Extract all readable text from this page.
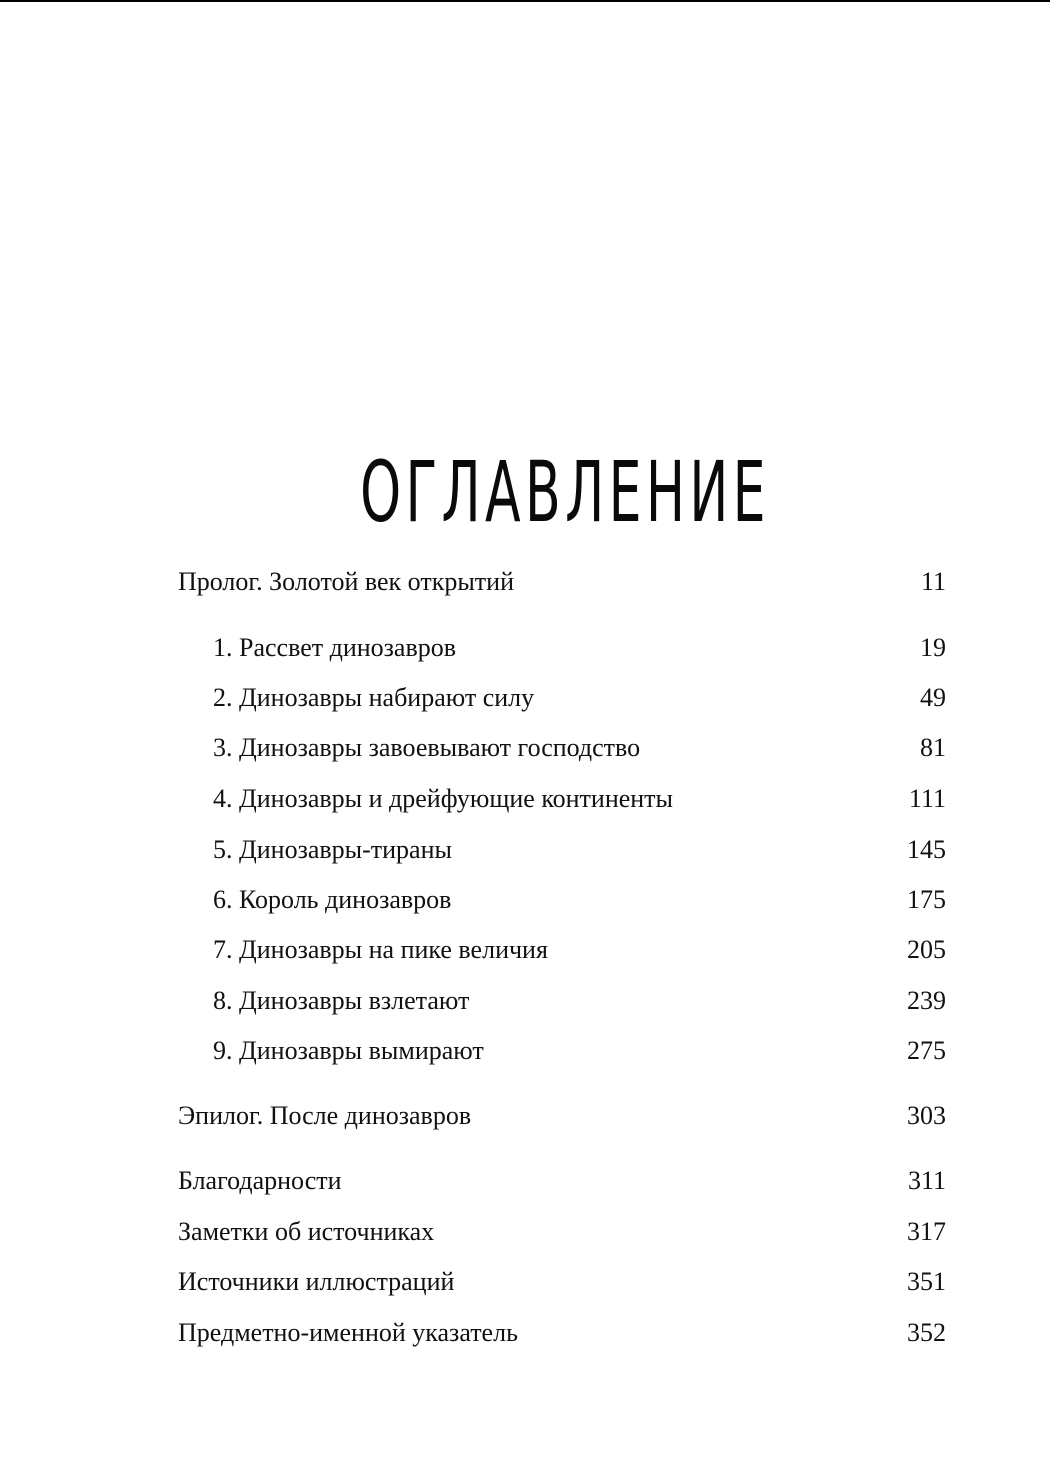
ОГЛАВЛЕНИЕ
Пролог. Золотой век открытий	11
1. Рассвет динозавров	19
2. Динозавры набирают силу	49
3. Динозавры завоевывают господство	81
4. Динозавры и дрейфующие континенты	111
5. Динозавры-тираны	145
6. Король динозавров	175
7. Динозавры на пике величия	205
8. Динозавры взлетают	239
9. Динозавры вымирают	275
Эпилог. После динозавров	303
Благодарности	311
Заметки об источниках	317
Источники иллюстраций	351
Предметно-именной указатель	352
